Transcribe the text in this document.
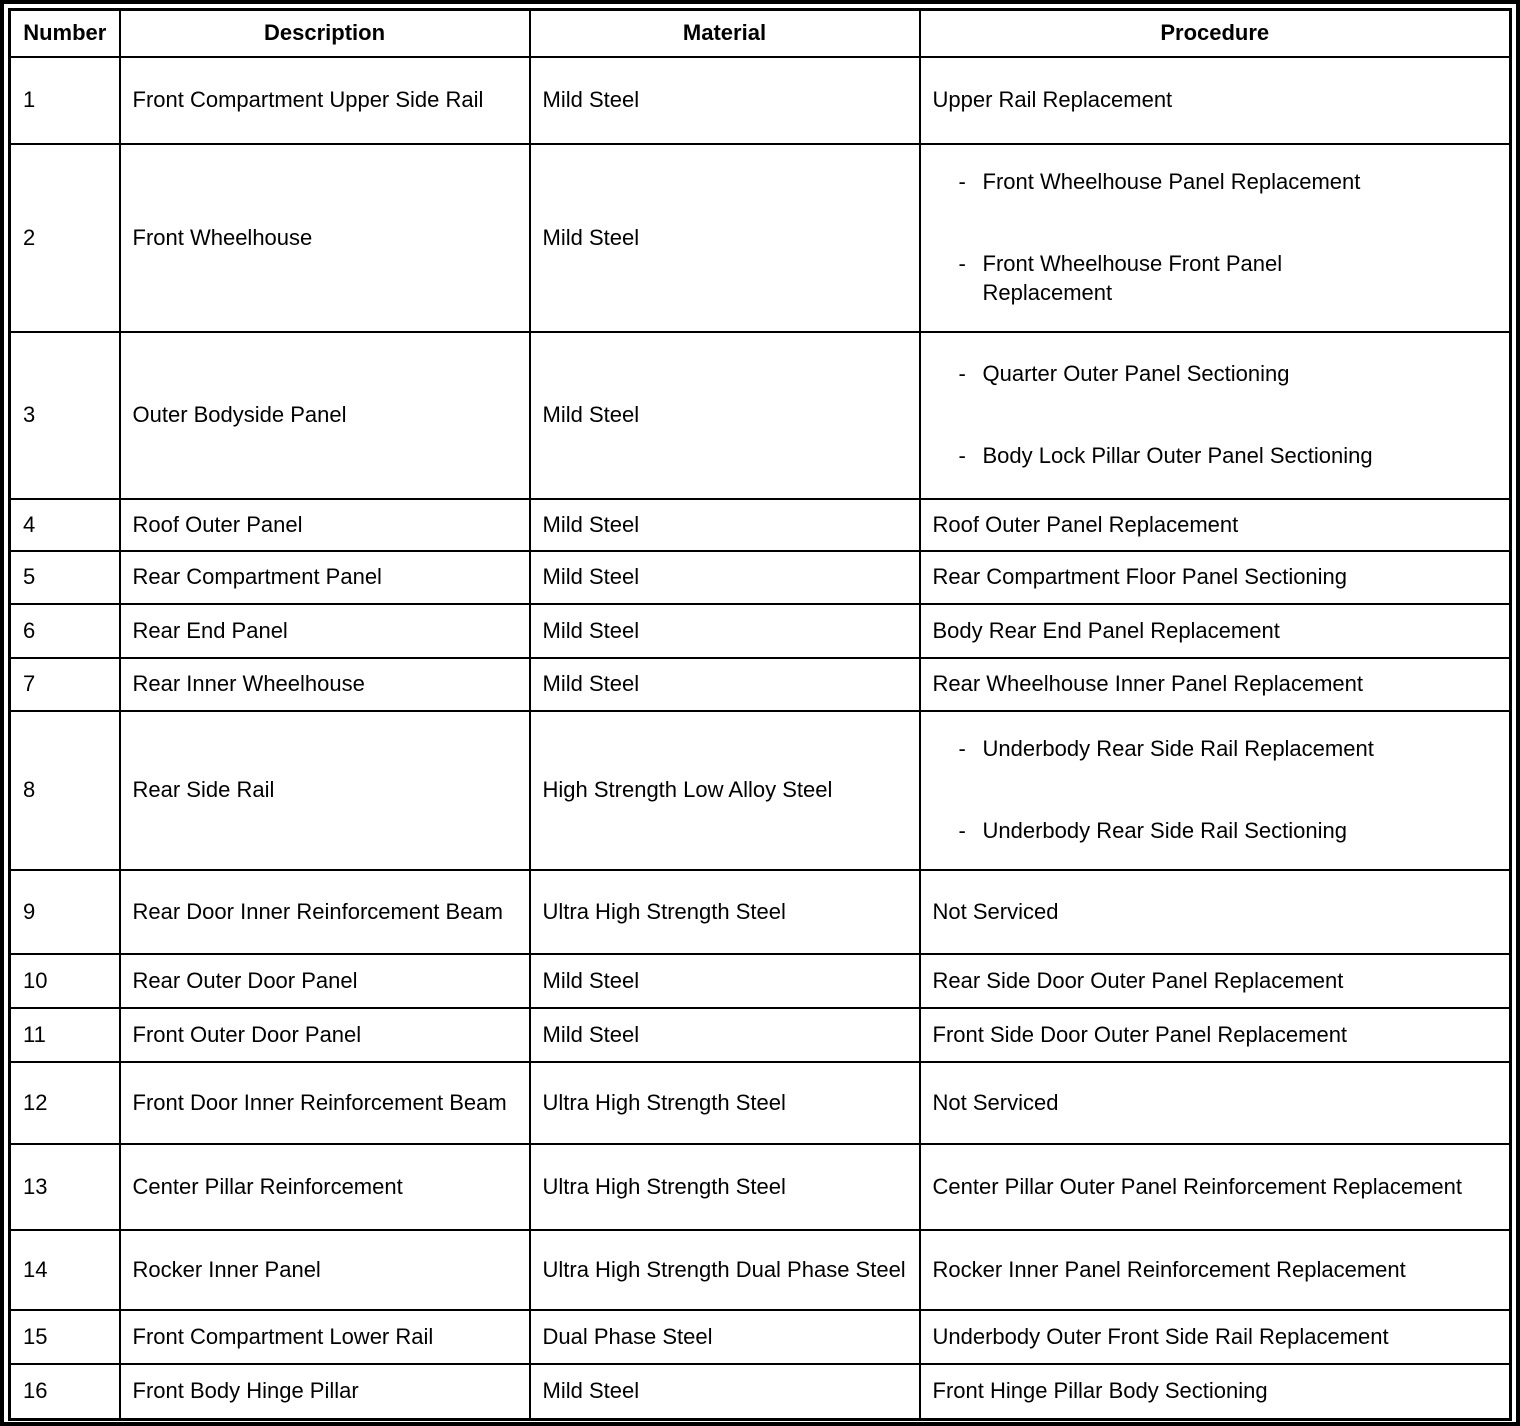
Number	Description	Material	Procedure
1	Front Compartment Upper Side Rail	Mild Steel	Upper Rail Replacement
2	Front Wheelhouse	Mild Steel	- Front Wheelhouse Panel Replacement
- Front Wheelhouse Front Panel Replacement

3	Outer Bodyside Panel	Mild Steel	- Quarter Outer Panel Sectioning
- Body Lock Pillar Outer Panel Sectioning

4	Roof Outer Panel	Mild Steel	Roof Outer Panel Replacement
5	Rear Compartment Panel	Mild Steel	Rear Compartment Floor Panel Sectioning
6	Rear End Panel	Mild Steel	Body Rear End Panel Replacement
7	Rear Inner Wheelhouse	Mild Steel	Rear Wheelhouse Inner Panel Replacement
8	Rear Side Rail	High Strength Low Alloy Steel	- Underbody Rear Side Rail Replacement
- Underbody Rear Side Rail Sectioning

9	Rear Door Inner Reinforcement Beam	Ultra High Strength Steel	Not Serviced
10	Rear Outer Door Panel	Mild Steel	Rear Side Door Outer Panel Replacement
11	Front Outer Door Panel	Mild Steel	Front Side Door Outer Panel Replacement
12	Front Door Inner Reinforcement Beam	Ultra High Strength Steel	Not Serviced
13	Center Pillar Reinforcement	Ultra High Strength Steel	Center Pillar Outer Panel Reinforcement Replacement

14	Rocker Inner Panel	Ultra High Strength Dual Phase Steel	Rocker Inner Panel Reinforcement Replacement
15	Front Compartment Lower Rail	Dual Phase Steel	Underbody Outer Front Side Rail Replacement
16	Front Body Hinge Pillar	Mild Steel	Front Hinge Pillar Body Sectioning
